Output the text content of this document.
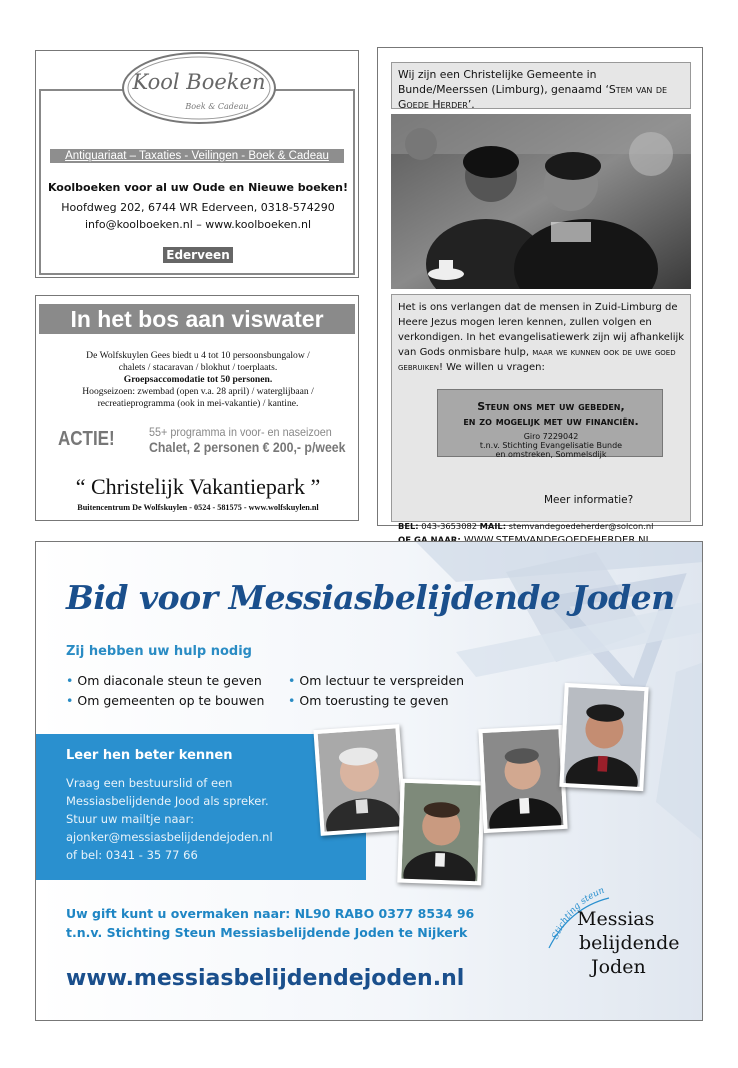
Kool Boeken
Boek & Cadeau
Antiquariaat – Taxaties - Veilingen - Boek & Cadeau
Koolboeken voor al uw Oude en Nieuwe boeken!
Hoofdweg 202, 6744 WR Ederveen, 0318-574290
info@koolboeken.nl – www.koolboeken.nl
Ederveen
In het bos aan viswater
De Wolfskuylen Gees biedt u 4 tot 10 persoonsbungalow /
chalets / stacaravan / blokhut / toerplaats.
Groepsaccomodatie tot 50 personen.
Hoogseizoen: zwembad (open v.a. 28 april) / waterglijbaan /
recreatieprogramma (ook in mei-vakantie) / kantine.
ACTIE!	55+ programma in voor- en naseizoen
Chalet, 2 personen € 200,- p/week
“ Christelijk Vakantiepark ”
Buitencentrum De Wolfskuylen - 0524 - 581575 - www.wolfskuylen.nl
Wij zijn een Christelijke Gemeente in Bunde/Meerssen (Limburg), genaamd ‘Stem van de Goede Herder’.
Het is ons verlangen dat de mensen in Zuid-Limburg de Heere Jezus mogen leren kennen, zullen volgen en verkondigen. In het evangelisatiewerk zijn wij afhankelijk van Gods onmisbare hulp, maar we kunnen ook de uwe goed gebruiken! We willen u vragen:
Steun ons met uw gebeden,
en zo mogelijk met uw financiën.
Giro 7229042
t.n.v. Stichting Evangelisatie Bunde
en omstreken, Sommelsdijk
Meer informatie?
BEL: 043-3653082 MAIL: stemvandegoedeherder@solcon.nl
Bid voor Messiasbelijdende Joden
Zij hebben uw hulp nodig
• Om diaconale steun te geven
• Om gemeenten op te bouwen
• Om lectuur te verspreiden
• Om toerusting te geven
Leer hen beter kennen
Vraag een bestuurslid of een
Messiasbelijdende Jood als spreker.
Stuur uw mailtje naar:
ajonker@messiasbelijdendejoden.nl
of bel: 0341 - 35 77 66
Uw gift kunt u overmaken naar: NL90 RABO 0377 8534 96
t.n.v. Stichting Steun Messiasbelijdende Joden te Nijkerk
www.messiasbelijdendejoden.nl
Stichting steun
Messias
belijdende
Joden
